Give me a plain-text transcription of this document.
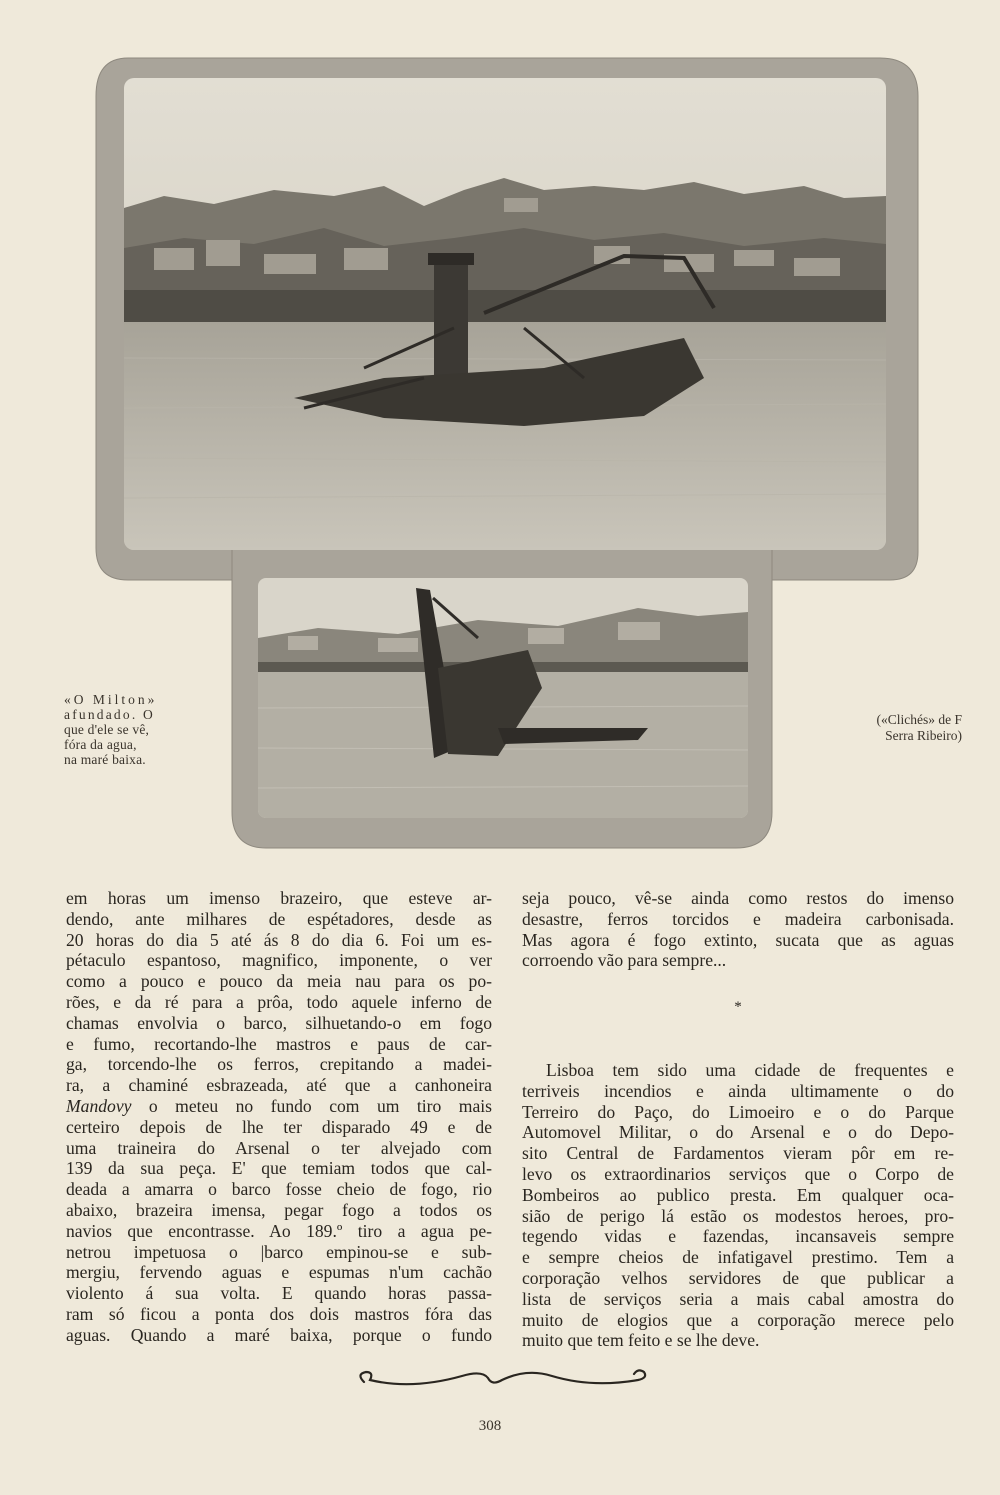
«O Milton»
afundado. O
que d'ele se vê,
fóra da agua,
na maré baixa.
(«Clichés» de F
Serra Ribeiro)
em horas um imenso brazeiro, que esteve ar-
dendo, ante milhares de espétadores, desde as
20 horas do dia 5 até ás 8 do dia 6. Foi um es-
pétaculo espantoso, magnifico, imponente, o ver
como a pouco e pouco da meia nau para os po-
rões, e da ré para a prôa, todo aquele inferno de
chamas envolvia o barco, silhuetando-o em fogo
e fumo, recortando-lhe mastros e paus de car-
ga, torcendo-lhe os ferros, crepitando a madei-
ra, a chaminé esbrazeada, até que a canhoneira
Mandovy o meteu no fundo com um tiro mais
certeiro depois de lhe ter disparado 49 e de
uma traineira do Arsenal o ter alvejado com
139 da sua peça. E' que temiam todos que cal-
deada a amarra o barco fosse cheio de fogo, rio
abaixo, brazeira imensa, pegar fogo a todos os
navios que encontrasse. Ao 189.º tiro a agua pe-
netrou impetuosa o |barco empinou-se e sub-
mergiu, fervendo aguas e espumas n'um cachão
violento á sua volta. E quando horas passa-
ram só ficou a ponta dos dois mastros fóra das
aguas. Quando a maré baixa, porque o fundo
seja pouco, vê-se ainda como restos do imenso
desastre, ferros torcidos e madeira carbonisada.
Mas agora é fogo extinto, sucata que as aguas
corroendo vão para sempre...

*

Lisboa tem sido uma cidade de frequentes e
terriveis incendios e ainda ultimamente o do
Terreiro do Paço, do Limoeiro e o do Parque
Automovel Militar, o do Arsenal e o do Depo-
sito Central de Fardamentos vieram pôr em re-
levo os extraordinarios serviços que o Corpo de
Bombeiros ao publico presta. Em qualquer oca-
sião de perigo lá estão os modestos heroes, pro-
tegendo vidas e fazendas, incansaveis sempre
e sempre cheios de infatigavel prestimo. Tem a
corporação velhos servidores de que publicar a
lista de serviços seria a mais cabal amostra do
muito de elogios que a corporação merece pelo
muito que tem feito e se lhe deve.
308
